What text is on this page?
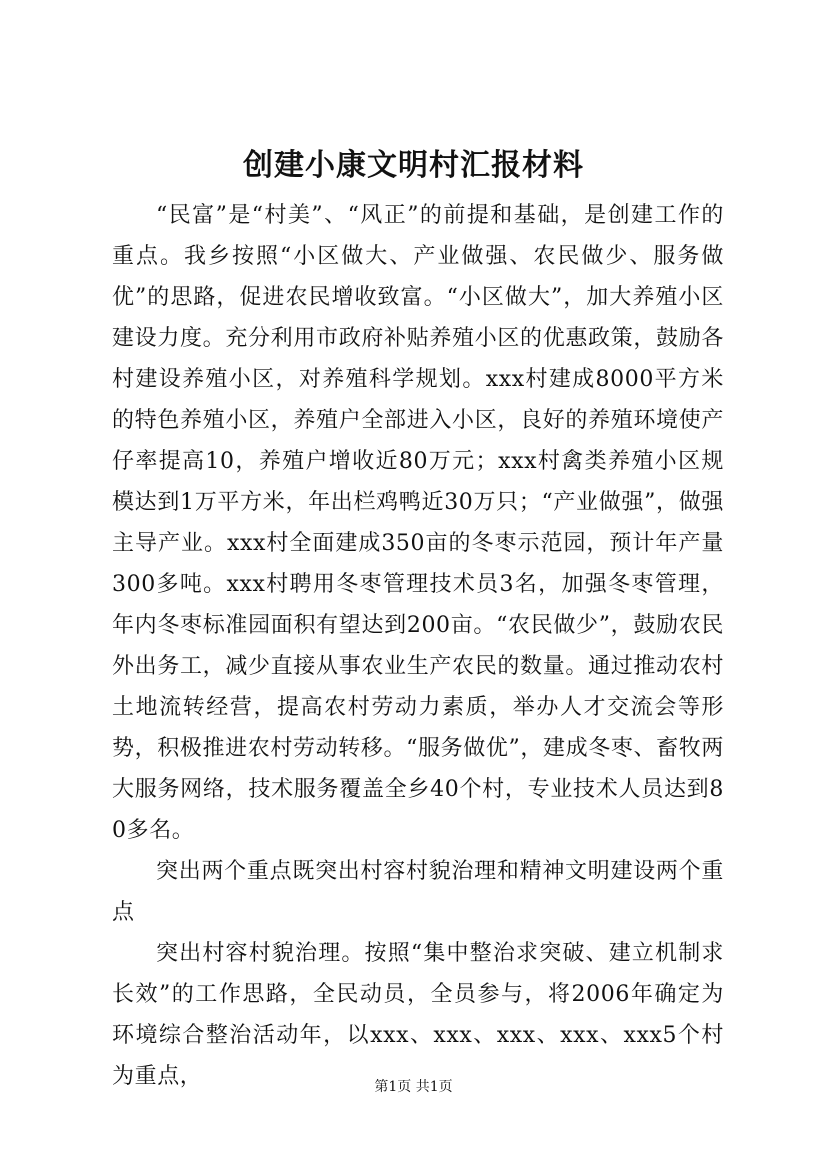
创建小康文明村汇报材料

“民富”是“村美”、“风正”的前提和基础，是创建工作的重点。我乡按照“小区做大、产业做强、农民做少、服务做优”的思路，促进农民增收致富。“小区做大”，加大养殖小区建设力度。充分利用市政府补贴养殖小区的优惠政策，鼓励各村建设养殖小区，对养殖科学规划。xxx村建成8000平方米的特色养殖小区，养殖户全部进入小区，良好的养殖环境使产仔率提高10，养殖户增收近80万元；xxx村禽类养殖小区规模达到1万平方米，年出栏鸡鸭近30万只；“产业做强”，做强主导产业。xxx村全面建成350亩的冬枣示范园，预计年产量300多吨。xxx村聘用冬枣管理技术员3名，加强冬枣管理，年内冬枣标准园面积有望达到200亩。“农民做少”，鼓励农民外出务工，减少直接从事农业生产农民的数量。通过推动农村土地流转经营，提高农村劳动力素质，举办人才交流会等形势，积极推进农村劳动转移。“服务做优”，建成冬枣、畜牧两大服务网络，技术服务覆盖全乡40个村，专业技术人员达到80多名。

突出两个重点既突出村容村貌治理和精神文明建设两个重点

突出村容村貌治理。按照“集中整治求突破、建立机制求长效”的工作思路，全民动员，全员参与，将2006年确定为环境综合整治活动年，以xxx、xxx、xxx、xxx、xxx5个村为重点，	第1页 共1页
